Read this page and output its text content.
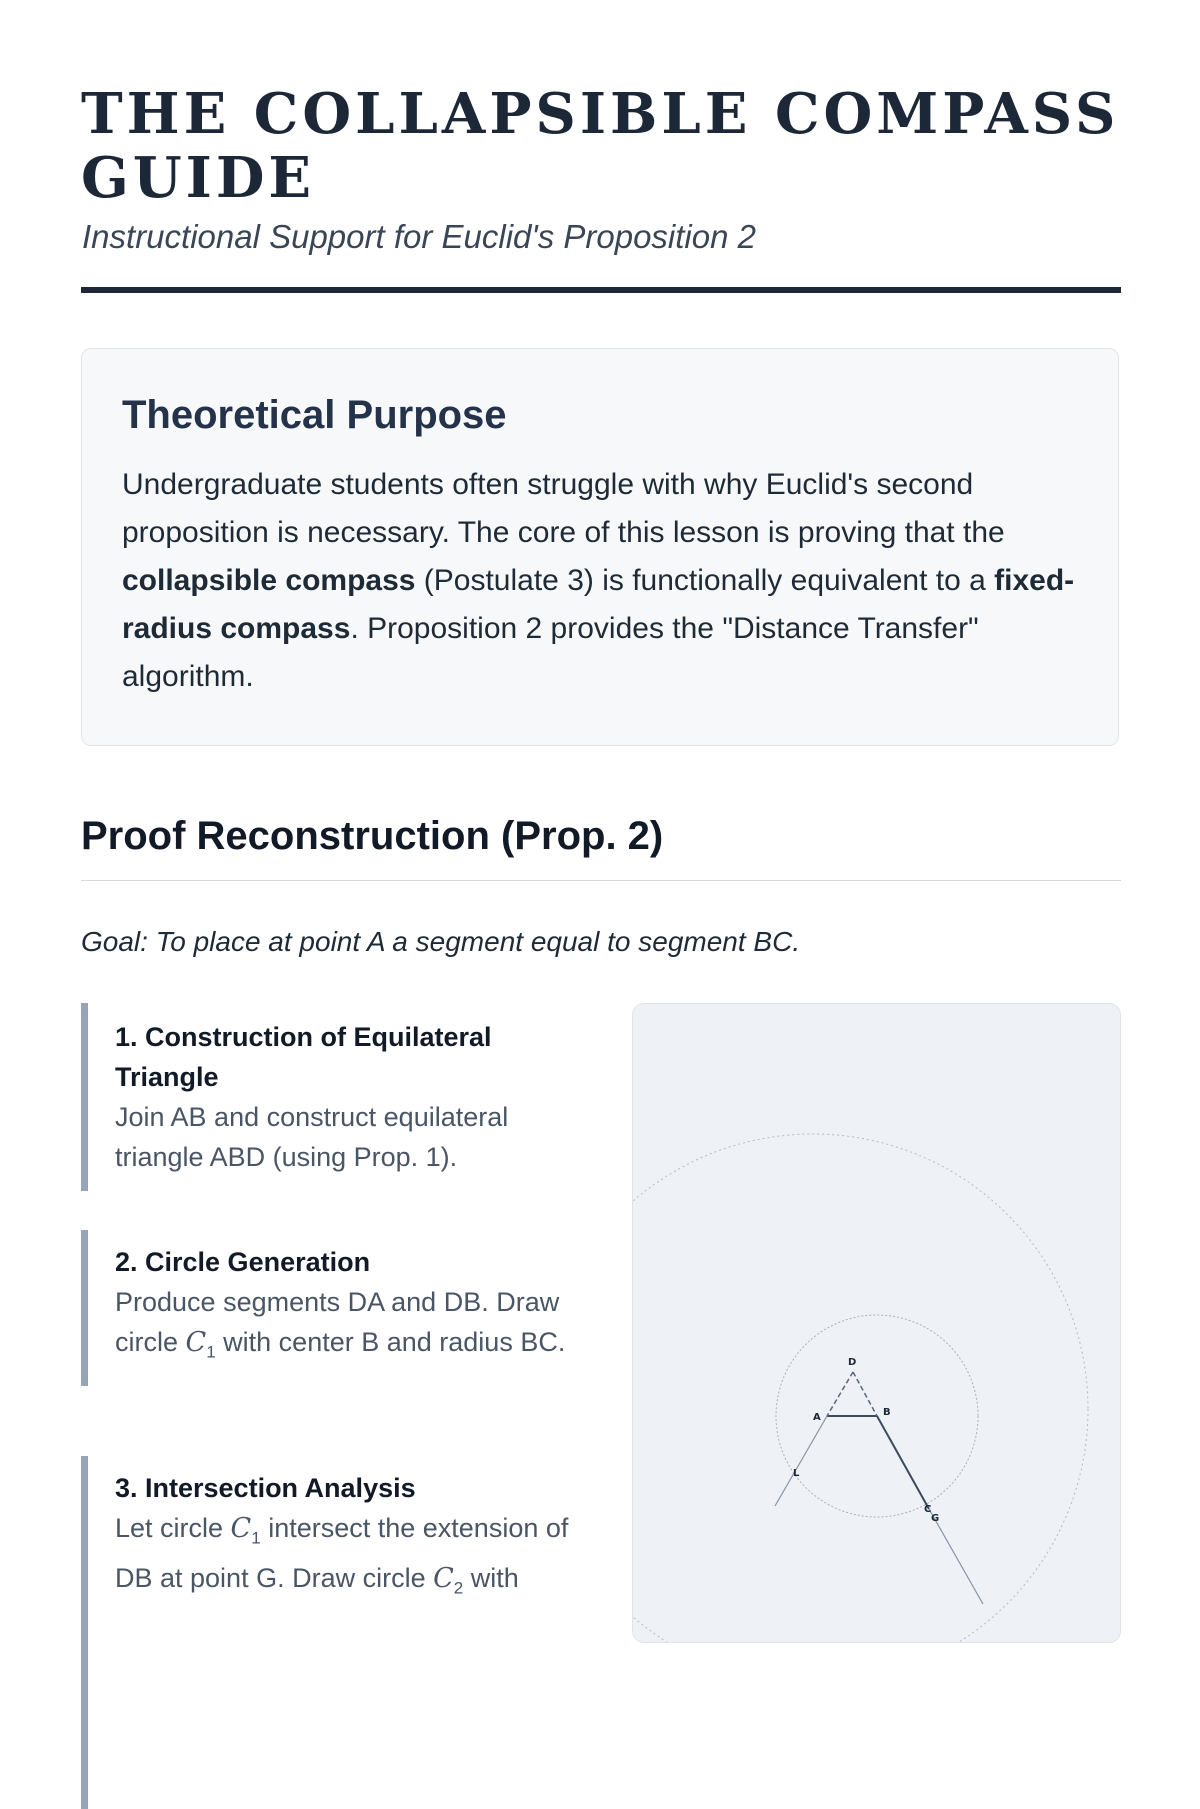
THE COLLAPSIBLE COMPASS GUIDE

Instructional Support for Euclid's Proposition 2

Theoretical Purpose

Undergraduate students often struggle with why Euclid's second proposition is necessary. The core of this lesson is proving that the collapsible compass (Postulate 3) is functionally equivalent to a fixed-radius compass. Proposition 2 provides the "Distance Transfer" algorithm.

Proof Reconstruction (Prop. 2)

Goal: To place at point A a segment equal to segment BC.

1. Construction of Equilateral Triangle

Join AB and construct equilateral triangle ABD (using Prop. 1).

2. Circle Generation

Produce segments DA and DB. Draw circle $C_1$ with center B and radius BC.

3. Intersection Analysis

Let circle $C_1$ intersect the extension of DB at point G. Draw circle $C_2$ with

D
A	B
L
C
G
